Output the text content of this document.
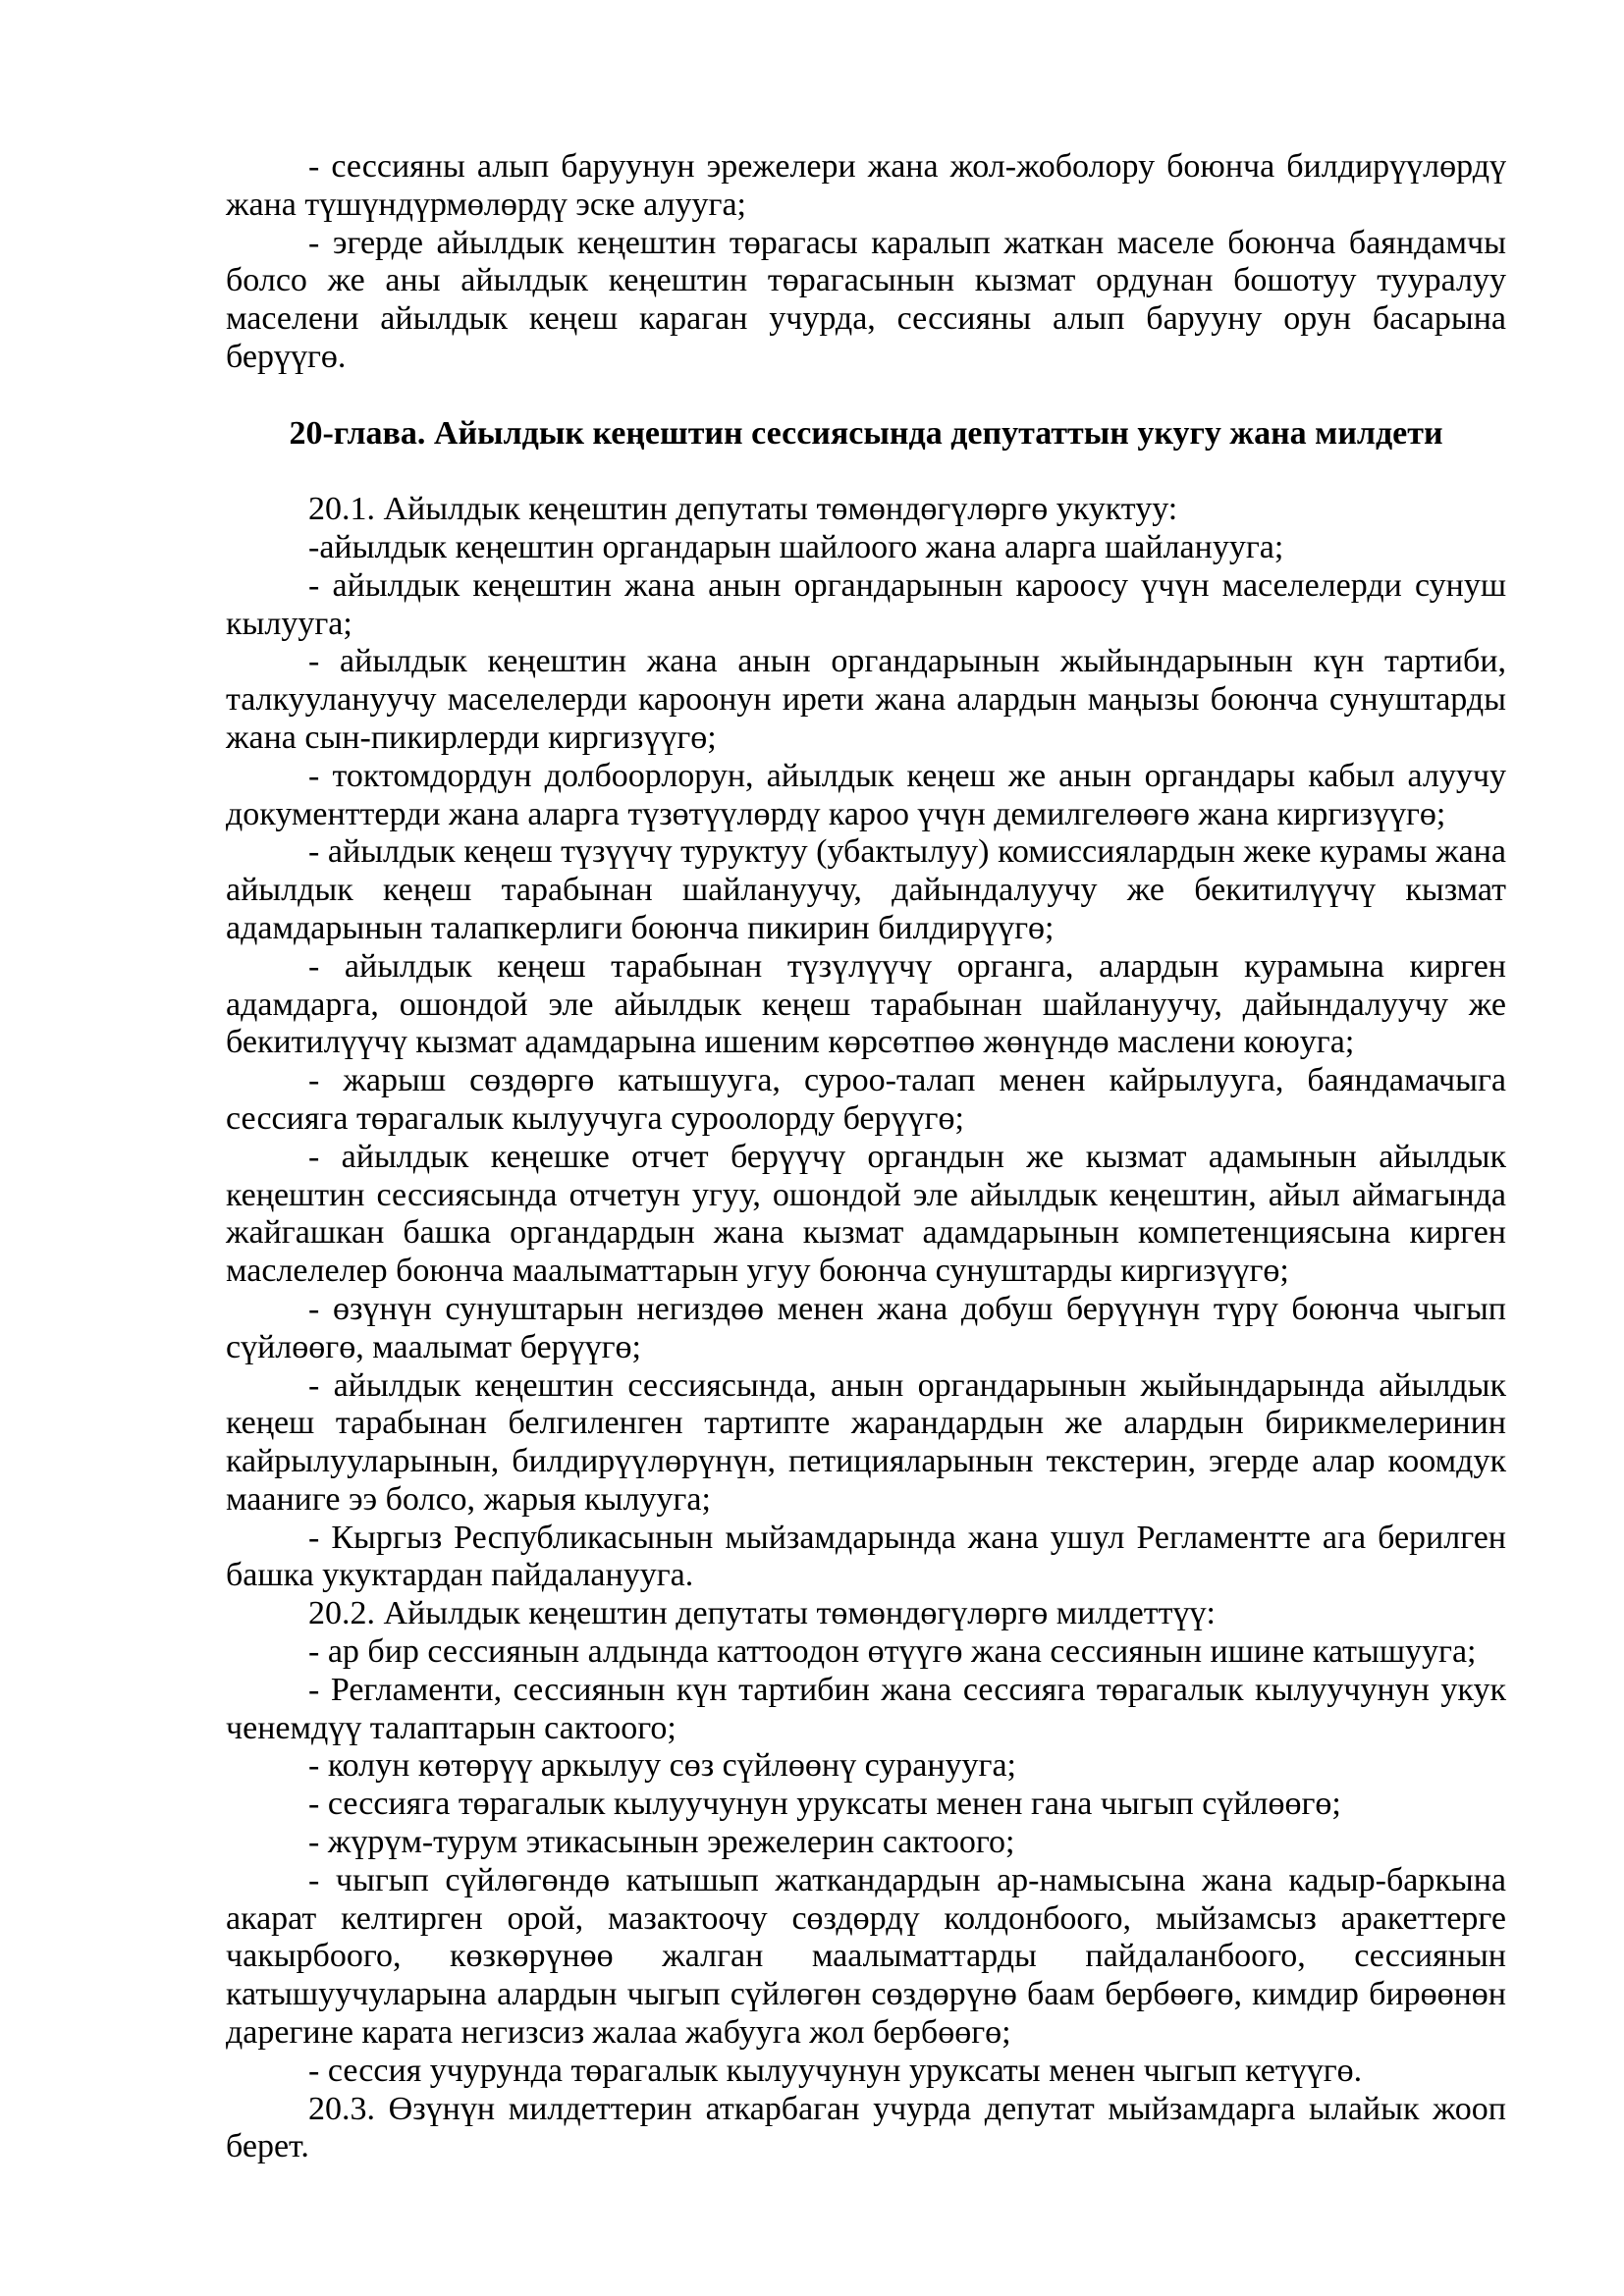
- сессияны алып баруунун эрежелери жана жол-жоболору боюнча билдирүүлөрдү жана түшүндүрмөлөрдү эске алууга;

- эгерде айылдык кеңештин төрагасы каралып жаткан маселе боюнча баяндамчы болсо же аны айылдык кеңештин төрагасынын кызмат ордунан бошотуу тууралуу маселени айылдык кеңеш караган учурда, сессияны алып барууну орун басарына берүүгө.

20-глава. Айылдык кеңештин сессиясында депутаттын укугу жана милдети

20.1. Айылдык кеңештин депутаты төмөндөгүлөргө укуктуу:

-айылдык кеңештин органдарын шайлоого жана аларга шайланууга;

- айылдык кеңештин жана анын органдарынын кароосу үчүн маселелерди сунуш кылууга;

- айылдык кеңештин жана анын органдарынын жыйындарынын күн тартиби, талкуулануучу маселелерди кароонун ирети жана алардын маңызы боюнча сунуштарды жана сын-пикирлерди киргизүүгө;

- токтомдордун долбоорлорун, айылдык кеңеш же анын органдары кабыл алуучу документтерди жана аларга түзөтүүлөрдү кароо үчүн демилгелөөгө жана киргизүүгө;

- айылдык кеңеш түзүүчү туруктуу (убактылуу) комиссиялардын жеке курамы жана айылдык кеңеш тарабынан шайлануучу, дайындалуучу же бекитилүүчү кызмат адамдарынын талапкерлиги боюнча пикирин билдирүүгө;

- айылдык кеңеш тарабынан түзүлүүчү органга, алардын курамына кирген адамдарга, ошондой эле айылдык кеңеш тарабынан шайлануучу, дайындалуучу же бекитилүүчү кызмат адамдарына ишеним көрсөтпөө жөнүндө маслени коюуга;

- жарыш сөздөргө катышууга, суроо-талап менен кайрылууга, баяндамачыга сессияга төрагалык кылуучуга суроолорду берүүгө;

- айылдык кеңешке отчет берүүчү органдын же кызмат адамынын айылдык кеңештин сессиясында отчетун угуу, ошондой эле айылдык кеңештин, айыл аймагында жайгашкан башка органдардын жана кызмат адамдарынын компетенциясына кирген маслелелер боюнча маалыматтарын угуу боюнча сунуштарды киргизүүгө;

- өзүнүн сунуштарын негиздөө менен жана добуш берүүнүн түрү боюнча чыгып сүйлөөгө, маалымат берүүгө;

- айылдык кеңештин сессиясында, анын органдарынын жыйындарында айылдык кеңеш тарабынан белгиленген тартипте жарандардын же алардын бирикмелеринин кайрылууларынын, билдирүүлөрүнүн, петицияларынын текстерин, эгерде алар коомдук мааниге ээ болсо, жарыя кылууга;

- Кыргыз Республикасынын мыйзамдарында жана ушул Регламентте ага берилген башка укуктардан пайдаланууга.

20.2. Айылдык кеңештин депутаты төмөндөгүлөргө милдеттүү:

- ар бир сессиянын алдында каттоодон өтүүгө жана сессиянын ишине катышууга;

- Регламенти, сессиянын күн тартибин жана сессияга төрагалык кылуучунун укук ченемдүү талаптарын сактоого;

- колун көтөрүү аркылуу сөз сүйлөөнү суранууга;

- сессияга төрагалык кылуучунун уруксаты менен гана чыгып сүйлөөгө;

- жүрүм-турум этикасынын эрежелерин сактоого;

- чыгып сүйлөгөндө катышып жаткандардын ар-намысына жана кадыр-баркына акарат келтирген орой, мазактоочу сөздөрдү колдонбоого, мыйзамсыз аракеттерге чакырбоого, көзкөрүнөө жалган маалыматтарды пайдаланбоого, сессиянын катышуучуларына алардын чыгып сүйлөгөн сөздөрүнө баам бербөөгө, кимдир бирөөнөн дарегине карата негизсиз жалаа жабууга жол бербөөгө;

- сессия учурунда төрагалык кылуучунун уруксаты менен чыгып кетүүгө.

20.3. Өзүнүн милдеттерин аткарбаган учурда депутат мыйзамдарга ылайык жооп берет.
